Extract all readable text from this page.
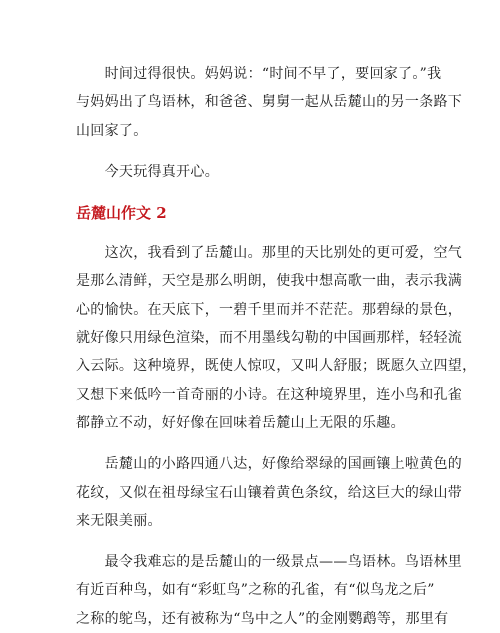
　　时间过得很快。妈妈说：“时间不早了，要回家了。”我
与妈妈出了鸟语林，和爸爸、舅舅一起从岳麓山的另一条路下
山回家了。
　　今天玩得真开心。
岳麓山作文 2
　　这次，我看到了岳麓山。那里的天比别处的更可爱，空气
是那么清鲜，天空是那么明朗，使我中想高歌一曲，表示我满
心的愉快。在天底下，一碧千里而并不茫茫。那碧绿的景色，
就好像只用绿色渲染，而不用墨线勾勒的中国画那样，轻轻流
入云际。这种境界，既使人惊叹，又叫人舒服；既愿久立四望，
又想下来低吟一首奇丽的小诗。在这种境界里，连小鸟和孔雀
都静立不动，好好像在回味着岳麓山上无限的乐趣。
　　岳麓山的小路四通八达，好像给翠绿的国画镶上啦黄色的
花纹，又似在祖母绿宝石山镶着黄色条纹，给这巨大的绿山带
来无限美丽。
　　最令我难忘的是岳麓山的一级景点——鸟语林。鸟语林里
有近百种鸟，如有“彩虹鸟”之称的孔雀，有“似鸟龙之后”
之称的鸵鸟，还有被称为“鸟中之人”的金刚鹦鹉等，那里有
